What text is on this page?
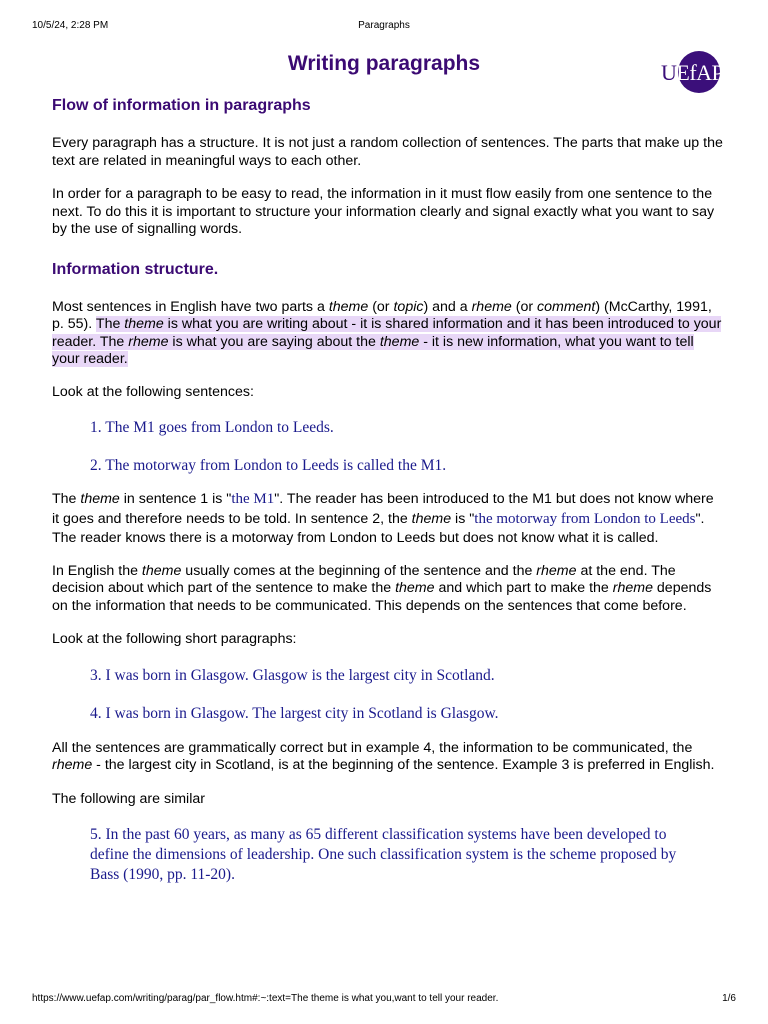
10/5/24, 2:28 PM	Paragraphs
Writing paragraphs	UEfAP
Flow of information in paragraphs

Every paragraph has a structure. It is not just a random collection of sentences. The parts that make up the text are related in meaningful ways to each other.

In order for a paragraph to be easy to read, the information in it must flow easily from one sentence to the next. To do this it is important to structure your information clearly and signal exactly what you want to say by the use of signalling words.

Information structure.

Most sentences in English have two parts a theme (or topic) and a rheme (or comment) (McCarthy, 1991, p. 55). The theme is what you are writing about - it is shared information and it has been introduced to your reader. The rheme is what you are saying about the theme - it is new information, what you want to tell your reader.

Look at the following sentences:

1. The M1 goes from London to Leeds.

2. The motorway from London to Leeds is called the M1.

The theme in sentence 1 is "the M1". The reader has been introduced to the M1 but does not know where it goes and therefore needs to be told. In sentence 2, the theme is "the motorway from London to Leeds". The reader knows there is a motorway from London to Leeds but does not know what it is called.

In English the theme usually comes at the beginning of the sentence and the rheme at the end. The decision about which part of the sentence to make the theme and which part to make the rheme depends on the information that needs to be communicated. This depends on the sentences that come before.

Look at the following short paragraphs:

3. I was born in Glasgow. Glasgow is the largest city in Scotland.

4. I was born in Glasgow. The largest city in Scotland is Glasgow.

All the sentences are grammatically correct but in example 4, the information to be communicated, the rheme - the largest city in Scotland, is at the beginning of the sentence. Example 3 is preferred in English.

The following are similar

5. In the past 60 years, as many as 65 different classification systems have been developed to define the dimensions of leadership. One such classification system is the scheme proposed by Bass (1990, pp. 11-20).

https://www.uefap.com/writing/parag/par_flow.htm#:~:text=The theme is what you,want to tell your reader.	1/6
